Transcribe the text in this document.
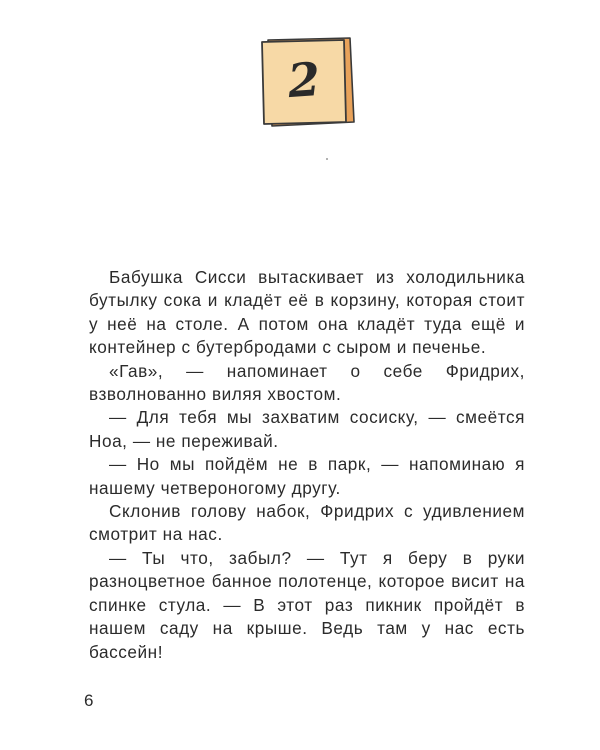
2

Бабушка Сисси вытаскивает из холодильника бутылку сока и кладёт её в корзину, которая стоит у неё на столе. А потом она кладёт туда ещё и контейнер с бутербродами с сыром и печенье.

«Гав», — напоминает о себе Фридрих, взволнованно виляя хвостом.

— Для тебя мы захватим сосиску, — смеётся Ноа, — не переживай.

— Но мы пойдём не в парк, — напоминаю я нашему четвероногому другу.

Склонив голову набок, Фридрих с удивлением смотрит на нас.

— Ты что, забыл? — Тут я беру в руки разноцветное банное полотенце, которое висит на спинке стула. — В этот раз пикник пройдёт в нашем саду на крыше. Ведь там у нас есть бассейн!

6
